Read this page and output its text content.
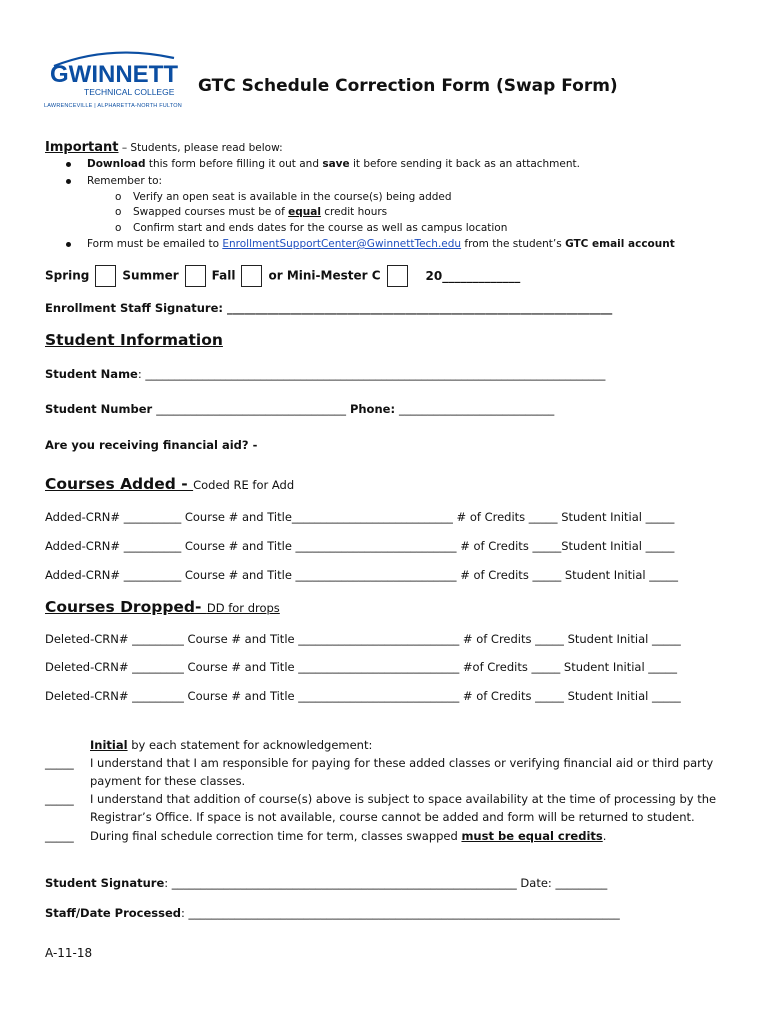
GWINNETT
TECHNICAL COLLEGE
LAWRENCEVILLE | ALPHARETTA-NORTH FULTON
GTC Schedule Correction Form (Swap Form)
Important – Students, please read below:
Download this form before filling it out and save it before sending it back as an attachment.
Remember to:
o Verify an open seat is available in the course(s) being added
o Swapped courses must be of equal credit hours
o Confirm start and ends dates for the course as well as campus location
Form must be emailed to EnrollmentSupportCenter@GwinnettTech.edu from the student’s GTC email account
Spring	Summer	Fall	or Mini-Mester C	20_____________
Enrollment Staff Signature: ___________________________________________________________________
Student Information
Student Name: ________________________________________________________________________________
Student Number _________________________________ Phone: ___________________________
Are you receiving financial aid? -
Courses Added - Coded RE for Add
Added-CRN# __________ Course # and Title____________________________ # of Credits _____ Student Initial _____
Added-CRN# __________ Course # and Title ____________________________ # of Credits _____Student Initial _____
Added-CRN# __________ Course # and Title ____________________________ # of Credits _____ Student Initial _____
Courses Dropped- DD for drops
Deleted-CRN# _________ Course # and Title ____________________________ # of Credits _____ Student Initial _____
Deleted-CRN# _________ Course # and Title ____________________________ #of Credits _____ Student Initial _____
Deleted-CRN# _________ Course # and Title ____________________________ # of Credits _____ Student Initial _____
Initial by each statement for acknowledgement:
_____ I understand that I am responsible for paying for these added classes or verifying financial aid or third party
payment for these classes.
_____ I understand that addition of course(s) above is subject to space availability at the time of processing by the
Registrar’s Office. If space is not available, course cannot be added and form will be returned to student.
_____ During final schedule correction time for term, classes swapped must be equal credits.
Student Signature: ____________________________________________________________ Date: _________
Staff/Date Processed: ___________________________________________________________________________
A-11-18
